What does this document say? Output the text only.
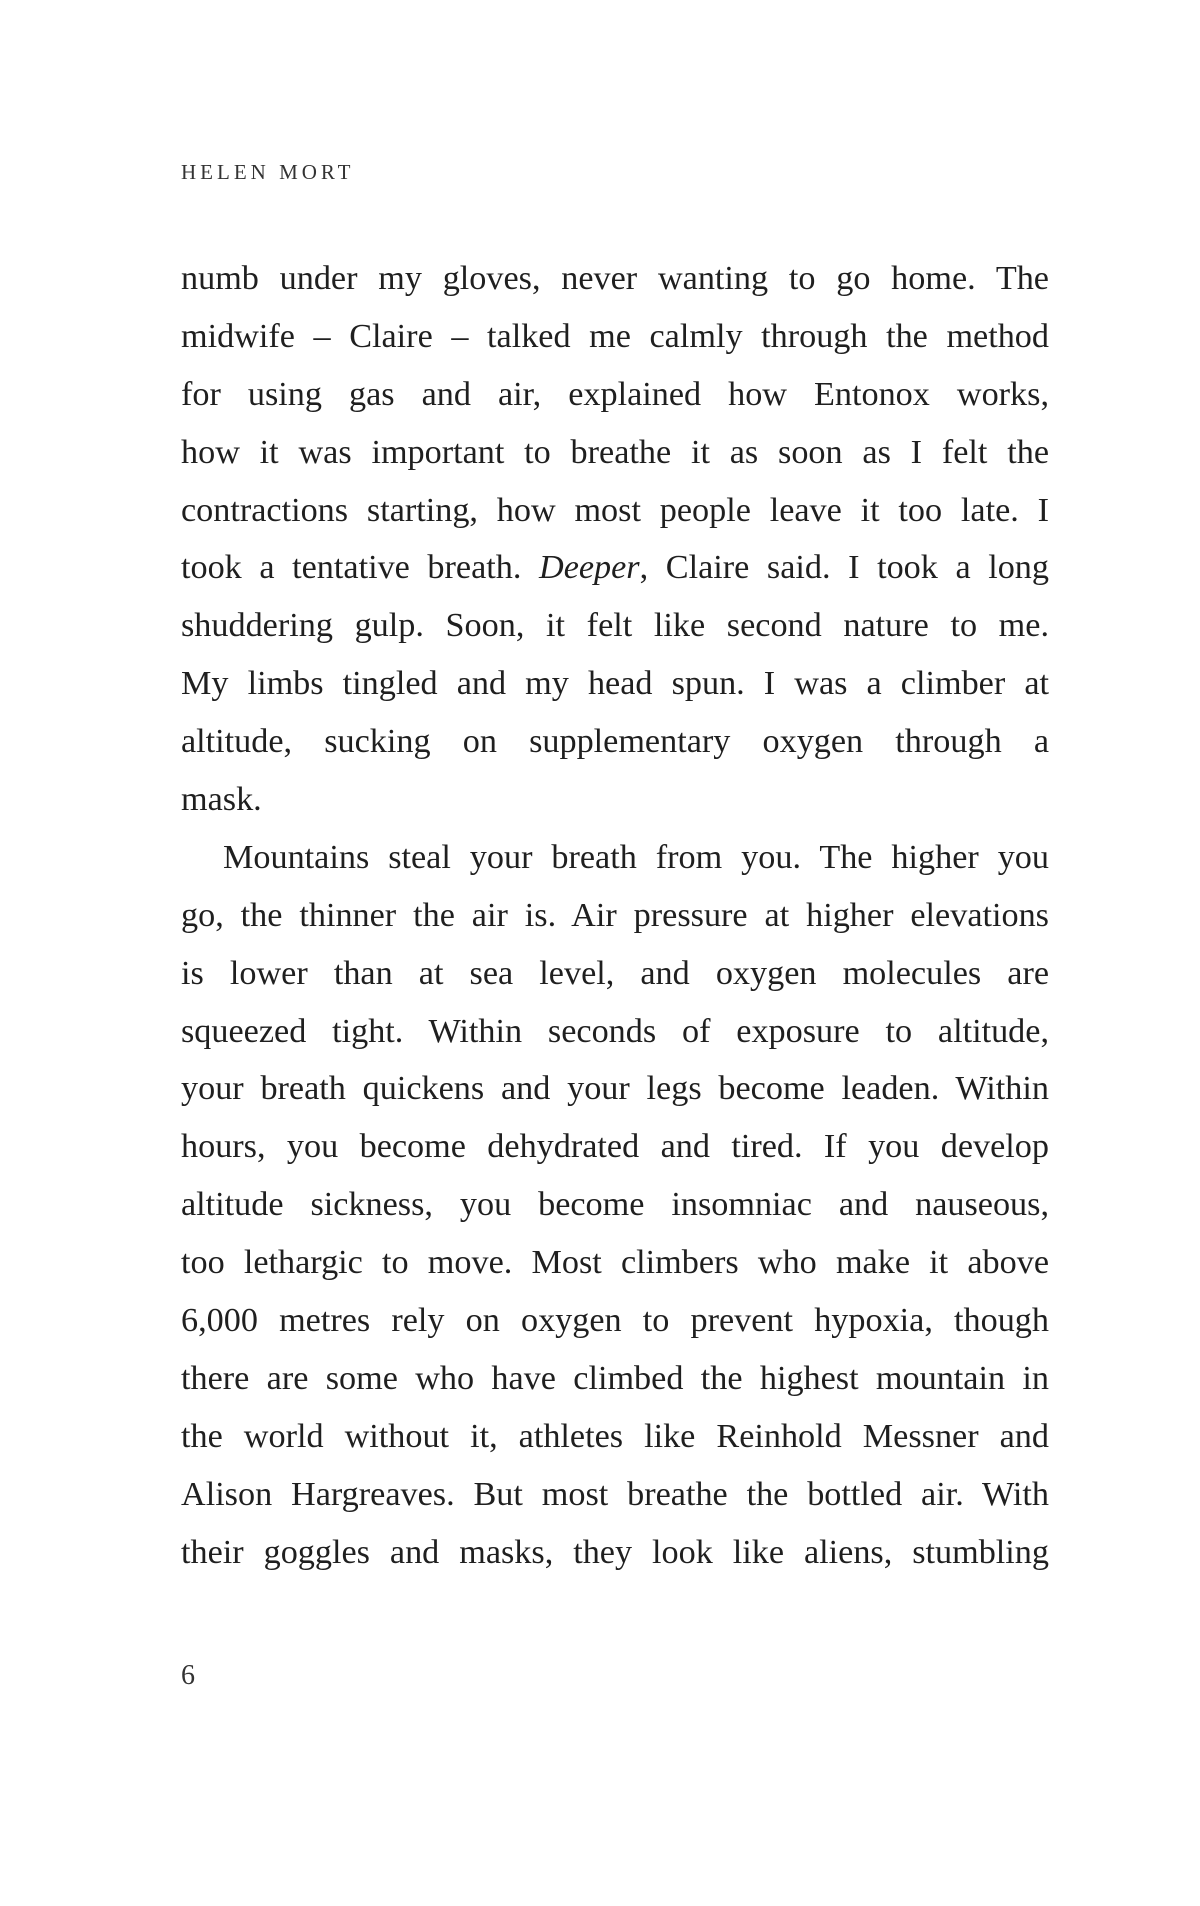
HELEN MORT
numb under my gloves, never wanting to go home. The
midwife – Claire – talked me calmly through the method
for using gas and air, explained how Entonox works,
how it was important to breathe it as soon as I felt the
contractions starting, how most people leave it too late. I
took a tentative breath. Deeper, Claire said. I took a long
shuddering gulp. Soon, it felt like second nature to me.
My limbs tingled and my head spun. I was a climber at
altitude, sucking on supplementary oxygen through a
mask.
Mountains steal your breath from you. The higher you
go, the thinner the air is. Air pressure at higher elevations
is lower than at sea level, and oxygen molecules are
squeezed tight. Within seconds of exposure to altitude,
your breath quickens and your legs become leaden. Within
hours, you become dehydrated and tired. If you develop
altitude sickness, you become insomniac and nauseous,
too lethargic to move. Most climbers who make it above
6,000 metres rely on oxygen to prevent hypoxia, though
there are some who have climbed the highest mountain in
the world without it, athletes like Reinhold Messner and
Alison Hargreaves. But most breathe the bottled air. With
their goggles and masks, they look like aliens, stumbling
6
